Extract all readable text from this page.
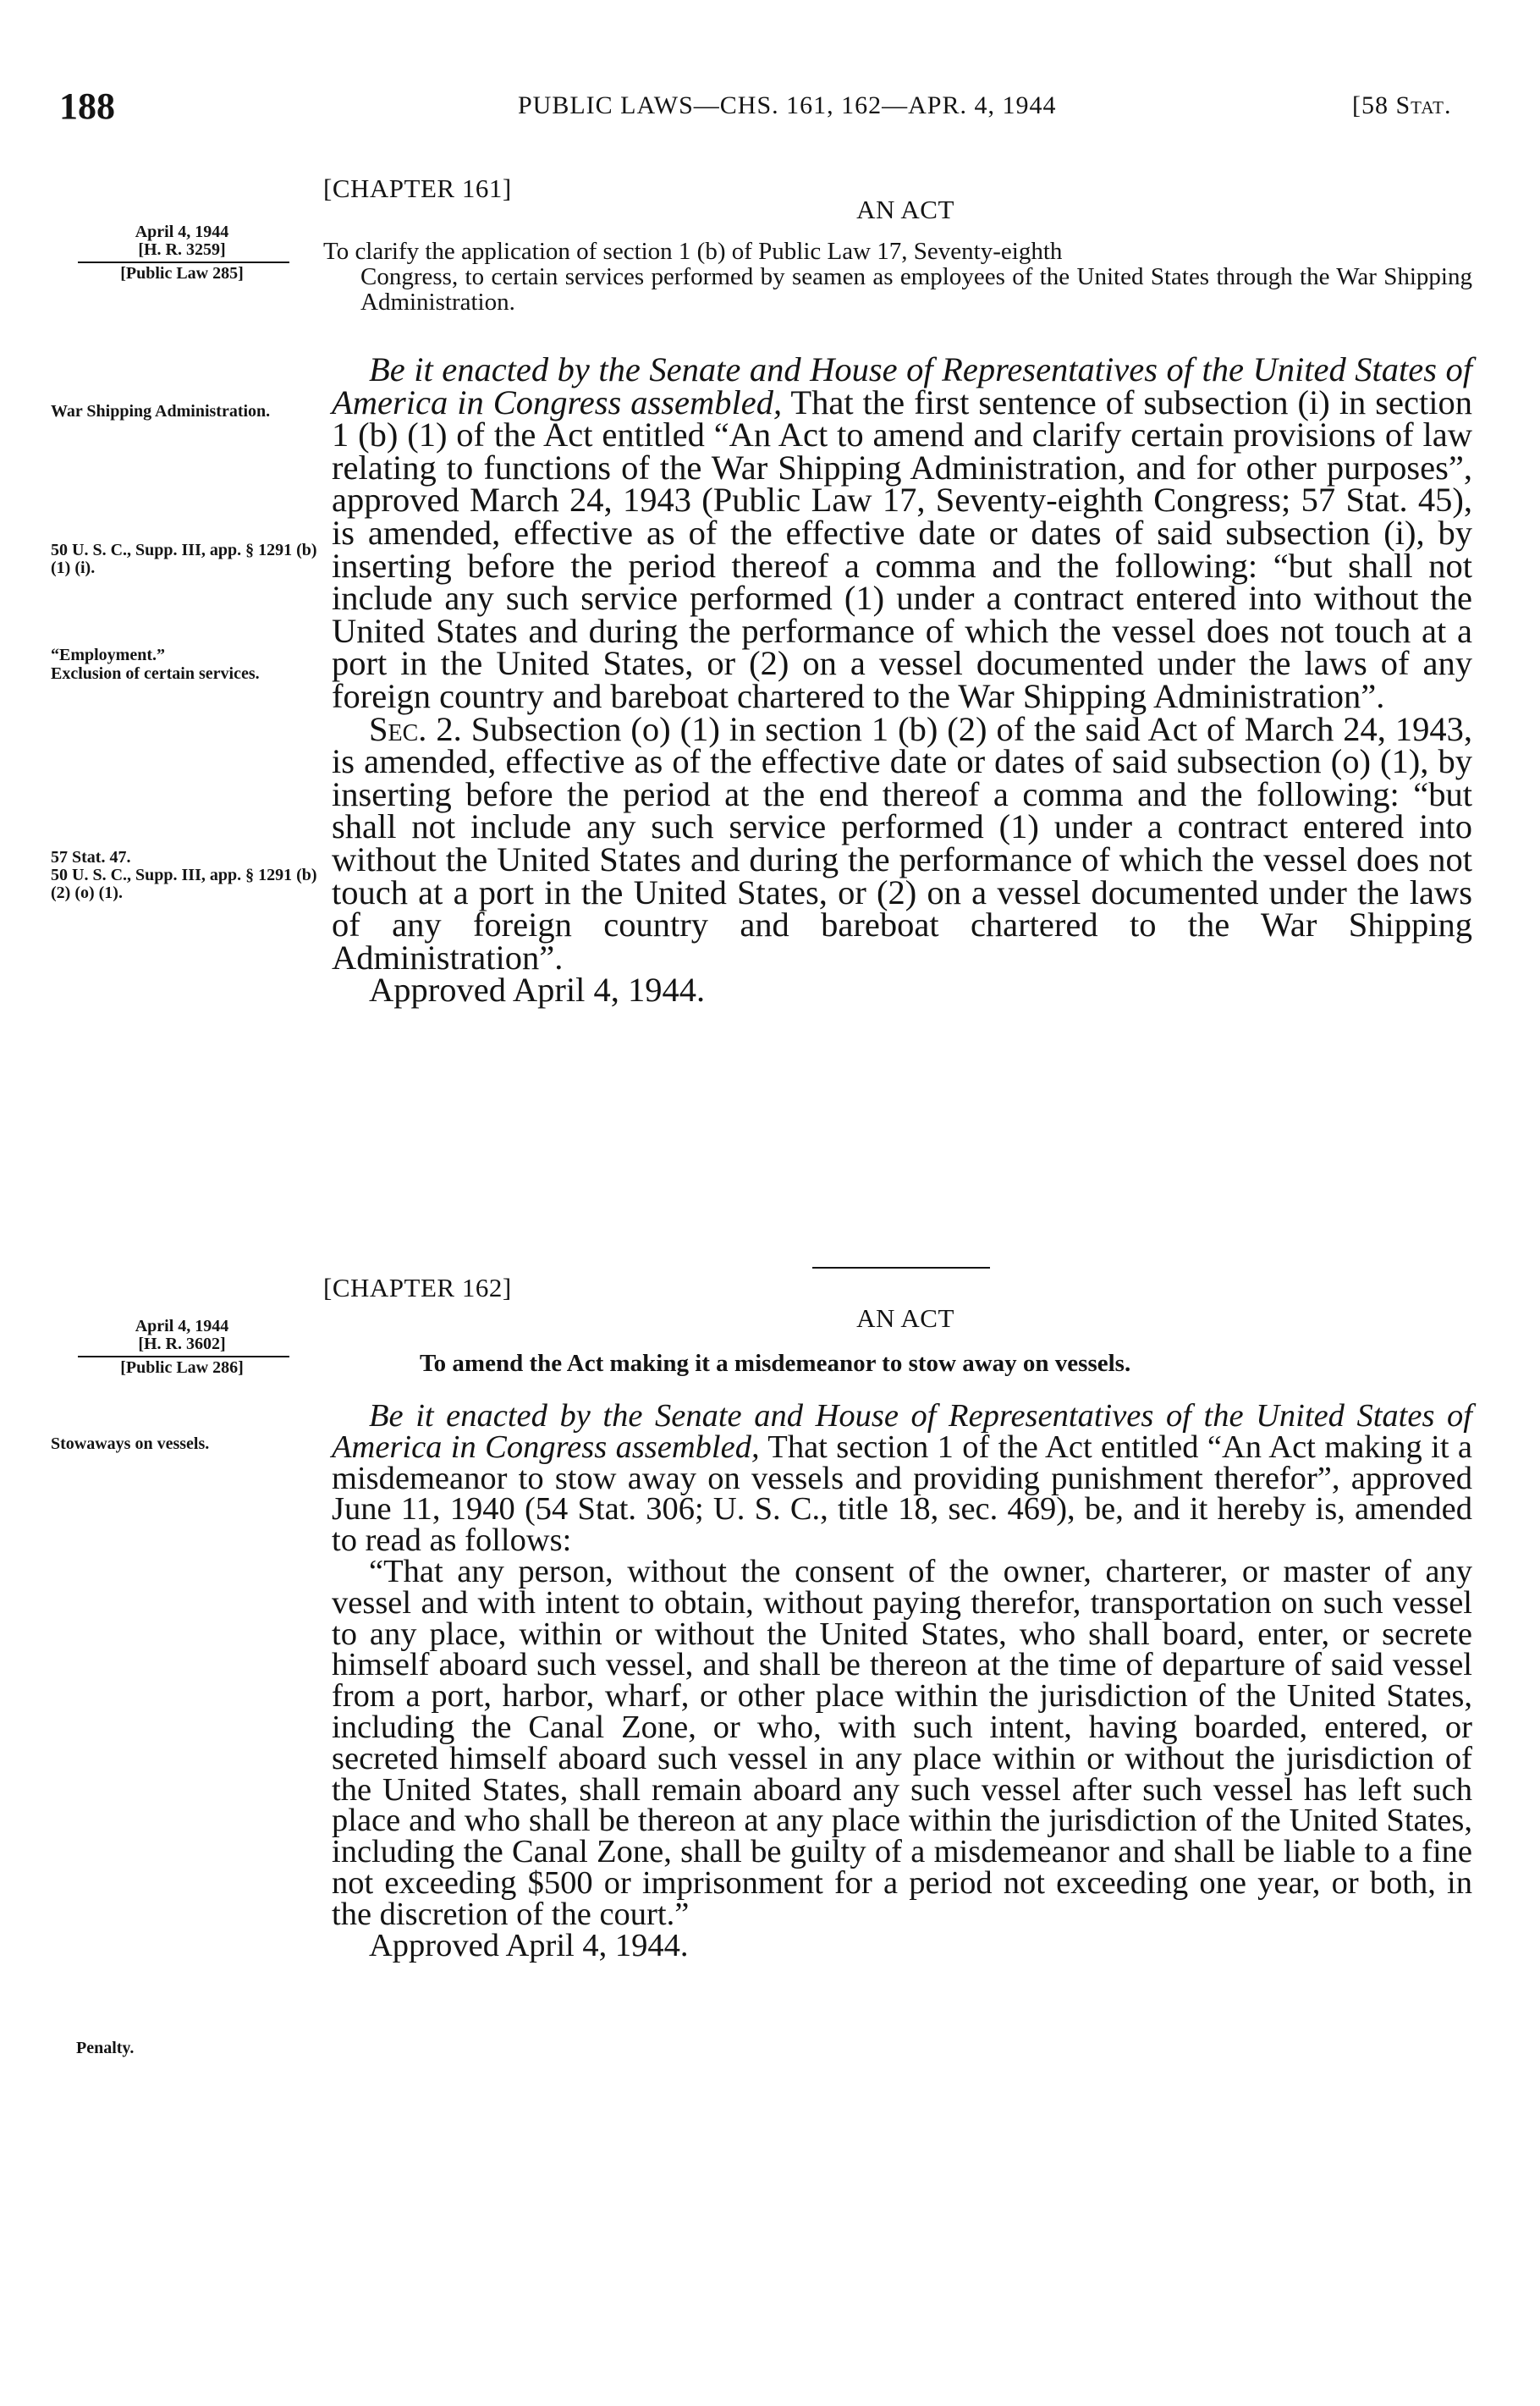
188	PUBLIC LAWS—CHS. 161, 162—APR. 4, 1944	[58 Stat.
[CHAPTER 161]
AN ACT
April 4, 1944
[H. R. 3259]
[Public Law 285]
To clarify the application of section 1 (b) of Public Law 17, Seventy-eighth
Congress, to certain services performed by seamen as employees of the United States through the War Shipping Administration.
War Shipping Administration.
50 U. S. C., Supp. III, app. § 1291 (b) (1) (i).
“Employment.”
Exclusion of certain services.
57 Stat. 47.
50 U. S. C., Supp. III, app. § 1291 (b) (2) (o) (1).

Be it enacted by the Senate and House of Representatives of the United States of America in Congress assembled, That the first sentence of subsection (i) in section 1 (b) (1) of the Act entitled “An Act to amend and clarify certain provisions of law relating to functions of the War Shipping Administration, and for other purposes”, approved March 24, 1943 (Public Law 17, Seventy-eighth Congress; 57 Stat. 45), is amended, effective as of the effective date or dates of said subsection (i), by inserting before the period thereof a comma and the following: “but shall not include any such service performed (1) under a contract entered into without the United States and during the performance of which the vessel does not touch at a port in the United States, or (2) on a vessel documented under the laws of any foreign country and bareboat chartered to the War Shipping Administration”.

Sec. 2. Subsection (o) (1) in section 1 (b) (2) of the said Act of March 24, 1943, is amended, effective as of the effective date or dates of said subsection (o) (1), by inserting before the period at the end thereof a comma and the following: “but shall not include any such service performed (1) under a contract entered into without the United States and during the performance of which the vessel does not touch at a port in the United States, or (2) on a vessel documented under the laws of any foreign country and bareboat chartered to the War Shipping Administration”.

Approved April 4, 1944.

[CHAPTER 162]
AN ACT
April 4, 1944
[H. R. 3602]
[Public Law 286]	To amend the Act making it a misdemeanor to stow away on vessels.
Stowaways on vessels.
Penalty.

Be it enacted by the Senate and House of Representatives of the United States of America in Congress assembled, That section 1 of the Act entitled “An Act making it a misdemeanor to stow away on vessels and providing punishment therefor”, approved June 11, 1940 (54 Stat. 306; U. S. C., title 18, sec. 469), be, and it hereby is, amended to read as follows:

“That any person, without the consent of the owner, charterer, or master of any vessel and with intent to obtain, without paying therefor, transportation on such vessel to any place, within or without the United States, who shall board, enter, or secrete himself aboard such vessel, and shall be thereon at the time of departure of said vessel from a port, harbor, wharf, or other place within the jurisdiction of the United States, including the Canal Zone, or who, with such intent, having boarded, entered, or secreted himself aboard such vessel in any place within or without the jurisdiction of the United States, shall remain aboard any such vessel after such vessel has left such place and who shall be thereon at any place within the jurisdiction of the United States, including the Canal Zone, shall be guilty of a misdemeanor and shall be liable to a fine not exceeding $500 or imprisonment for a period not exceeding one year, or both, in the discretion of the court.”

Approved April 4, 1944.
